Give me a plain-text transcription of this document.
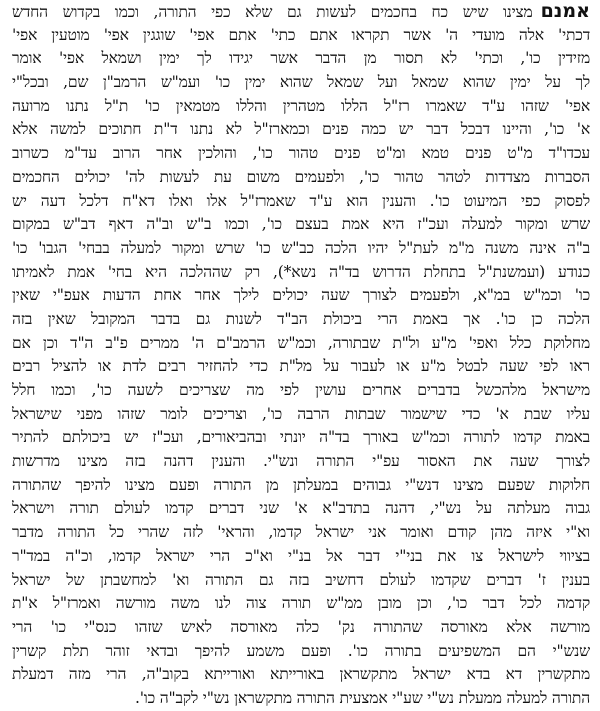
אמנםמצינו שיש כח בחכמים לעשות גם שלא כפי התורה, וכמו בקדוש החדש
דכתי' אלה מועדי ה' אשר תקראו אתם כתי' אתם אפי' שוגגין אפי' מוטעין אפי'
מזידין כו', וכתי' לא תסור מן הדבר אשר יגידו לך ימין ושמאל אפי' אומר
לך על ימין שהוא שמאל ועל שמאל שהוא ימין כו' ועמ"ש הרמב"ן שם, ובכל"י
אפי' שזהו ע"ד שאמרו רז"ל הללו מטהרין והללו מטמאין כו' ת"ל נתנו מרועה
א' כו', והיינו דבכל דבר יש כמה פנים וכמארז"ל לא נתנו ד"ת חתוכים למשה אלא
עכדו"ד מ"ט פנים טמא ומ"ט פנים טהור כו', והולכין אחר הרוב עד"מ כשרוב
הסברות מצדדות לטהר טהור כו', ולפעמים משום עת לעשות לה' יכולים החכמים
לפסוק כפי המיעוט כו'. והענין הוא ע"ד שאמרז"ל אלו ואלו דא"ח דלכל דעה יש
שרש ומקור למעלה ועכ"ז היא אמת בעצם כו', וכמו ב"ש וב"ה דאף דב"ש במקום
ב"ה אינה משנה מ"מ לעת"ל יהיו הלכה כב"ש כו' שרש ומקור למעלה בבחי' הגבו' כו'
כנודע (ועמשנת"ל בתחלת הדרוש בד"ה נשא*), רק שההלכה היא בחי' אמת לאמיתו
כו' וכמ"ש במ"א, ולפעמים לצורך שעה יכולים לילך אחר אחת הדעות אעפ"י שאין
הלכה כן כו'. אך באמת הרי ביכולת הב"ד לשנות גם בדבר המקובל שאין בזה
מחלוקת כלל ואפי' מ"ע ול"ת שבתורה, וכמ"ש הרמב"ם ה' ממרים פ"ב ה"ד וכן אם
ראו לפי שעה לבטל מ"ע או לעבור על מל"ת כדי להחזיר רבים לדת או להציל רבים
מישראל מלהכשל בדברים אחרים עושין לפי מה שצריכים לשעה כו', וכמו חלל
עליו שבת א' כדי שישמור שבתות הרבה כו', וצריכים לומר שזהו מפני שישראל
באמת קדמו לתורה וכמ"ש באורך בד"ה יונתי ובהביאורים, ועכ"ז יש ביכולתם להתיר
לצורך שעה את האסור עפ"י התורה ונש"י. והענין דהנה בזה מצינו מדרשות
חלוקות שפעם מצינו דנש"י גבוהים במעלתן מן התורה ופעם מצינו להיפך שהתורה
גבוה מעלתה על נש"י, דהנה בתדב"א א' שני דברים קדמו לעולם תורה וישראל
וא"י איזה מהן קודם ואומר אני ישראל קדמו, והראי' לזה שהרי כל התורה מדבר
בציווי לישראל צו את בני"י דבר אל בנ"י וא"כ הרי ישראל קדמו, וכ"ה במד"ר
בענין ז' דברים שקדמו לעולם דחשיב בזה גם התורה וא' למחשבתן של ישראל
קדמה לכל דבר כו', וכן מובן ממ"ש תורה צוה לנו משה מורשה ואמרז"ל א"ת
מורשה אלא מאורסה שהתורה נק' כלה מאורסה לאיש שזהו כנס"י כו' הרי
שנש"י הם המשפיעים בתורה כו'. ופעם משמע להיפך ובדאי זוהר תלת קשרין
מתקשרין דא בדא ישראל מתקשראן באורייתא ואורייתא בקוב"ה, הרי מזה דמעלת
התורה למעלה ממעלת נש"י שע"י אמצעית התורה מתקשראן נש"י לקב"ה כו'.
